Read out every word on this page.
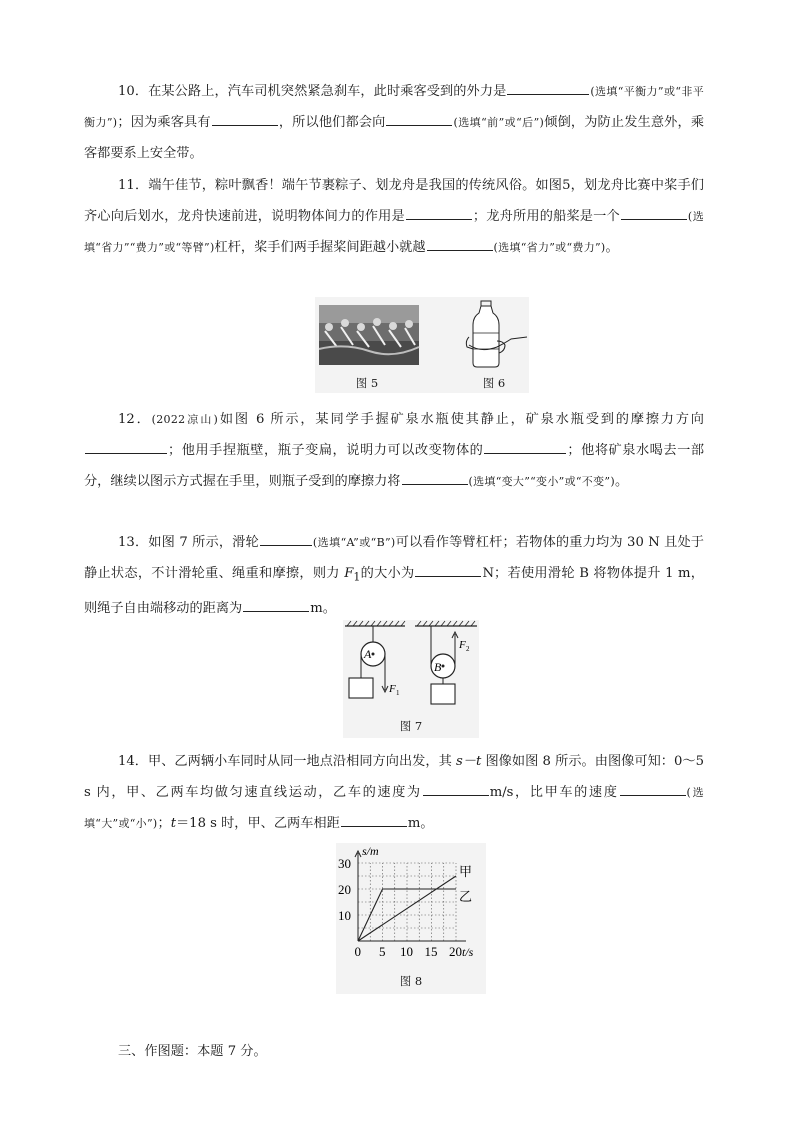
10．在某公路上，汽车司机突然紧急刹车，此时乘客受到的外力是	(选填“平衡力”或“非平衡力”)；因为乘客具有	，所以他们都会向	(选填“前”或“后”)倾倒，为防止发生意外，乘客都要系上安全带。

11．端午佳节，粽叶飘香！端午节裹粽子、划龙舟是我国的传统风俗。如图5，划龙舟比赛中桨手们齐心向后划水，龙舟快速前进，说明物体间力的作用是	；龙舟所用的船桨是一个	(选填“省力”“费力”或“等臂”)杠杆，桨手们两手握桨间距越小就越	(选填“省力”或“费力”)。

图 5	图 6

12．(2022凉山)如图 6 所示，某同学手握矿泉水瓶使其静止，矿泉水瓶受到的摩擦力方向；他用手捏瓶壁，瓶子变扁，说明力可以改变物体的	；他将矿泉水喝去一部分，继续以图示方式握在手里，则瓶子受到的摩擦力将	(选填“变大”“变小”或“不变”)。

13．如图 7 所示，滑轮	(选填“A”或“B”)可以看作等臂杠杆；若物体的重力均为 30 N 且处于静止状态，不计滑轮重、绳重和摩擦，则力 $F_1$的大小为	N；若使用滑轮 B 将物体提升 1 m，则绳子自由端移动的距离为	m。

A
B
F 1
F 2
图 7

14．甲、乙两辆小车同时从同一地点沿相同方向出发，其 s－t 图像如图 8 所示。由图像可知：0～5 s 内，甲、乙两车均做匀速直线运动，乙车的速度为	m/s，比甲车的速度	(选填“大”或“小”)；t＝18 s 时，甲、乙两车相距	m。

0 5 10 15 20
10
20
30
s/m
t/s
甲
乙
图 8

三、作图题：本题 7 分。
